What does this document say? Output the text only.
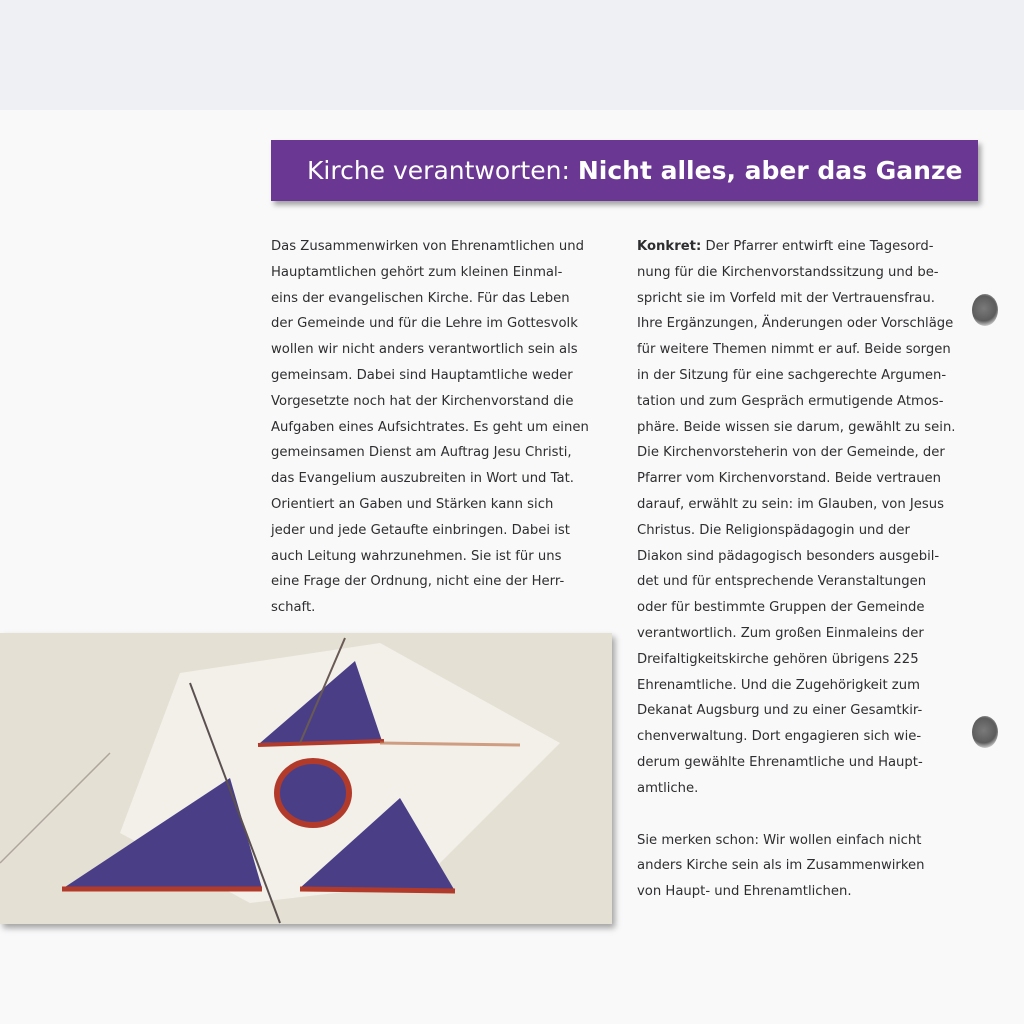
Kirche verantworten: Nicht alles, aber das Ganze
Das Zusammenwirken von Ehrenamtlichen und
Hauptamtlichen gehört zum kleinen Einmal-
eins der evangelischen Kirche. Für das Leben
der Gemeinde und für die Lehre im Gottesvolk
wollen wir nicht anders verantwortlich sein als
gemeinsam. Dabei sind Hauptamtliche weder
Vorgesetzte noch hat der Kirchenvorstand die
Aufgaben eines Aufsichtrates. Es geht um einen
gemeinsamen Dienst am Auftrag Jesu Christi,
das Evangelium auszubreiten in Wort und Tat.
Orientiert an Gaben und Stärken kann sich
jeder und jede Getaufte einbringen. Dabei ist
auch Leitung wahrzunehmen. Sie ist für uns
eine Frage der Ordnung, nicht eine der Herr-
schaft.
Konkret: Der Pfarrer entwirft eine Tagesord-
nung für die Kirchenvorstandssitzung und be-
spricht sie im Vorfeld mit der Vertrauensfrau.
Ihre Ergänzungen, Änderungen oder Vorschläge
für weitere Themen nimmt er auf. Beide sorgen
in der Sitzung für eine sachgerechte Argumen-
tation und zum Gespräch ermutigende Atmos-
phäre. Beide wissen sie darum, gewählt zu sein.
Die Kirchenvorsteherin von der Gemeinde, der
Pfarrer vom Kirchenvorstand. Beide vertrauen
darauf, erwählt zu sein: im Glauben, von Jesus
Christus. Die Religionspädagogin und der
Diakon sind pädagogisch besonders ausgebil-
det und für entsprechende Veranstaltungen
oder für bestimmte Gruppen der Gemeinde
verantwortlich. Zum großen Einmaleins der
Dreifaltigkeitskirche gehören übrigens 225
Ehrenamtliche. Und die Zugehörigkeit zum
Dekanat Augsburg und zu einer Gesamtkir-
chenverwaltung. Dort engagieren sich wie-
derum gewählte Ehrenamtliche und Haupt-
amtliche.
Sie merken schon: Wir wollen einfach nicht
anders Kirche sein als im Zusammenwirken
von Haupt- und Ehrenamtlichen.
